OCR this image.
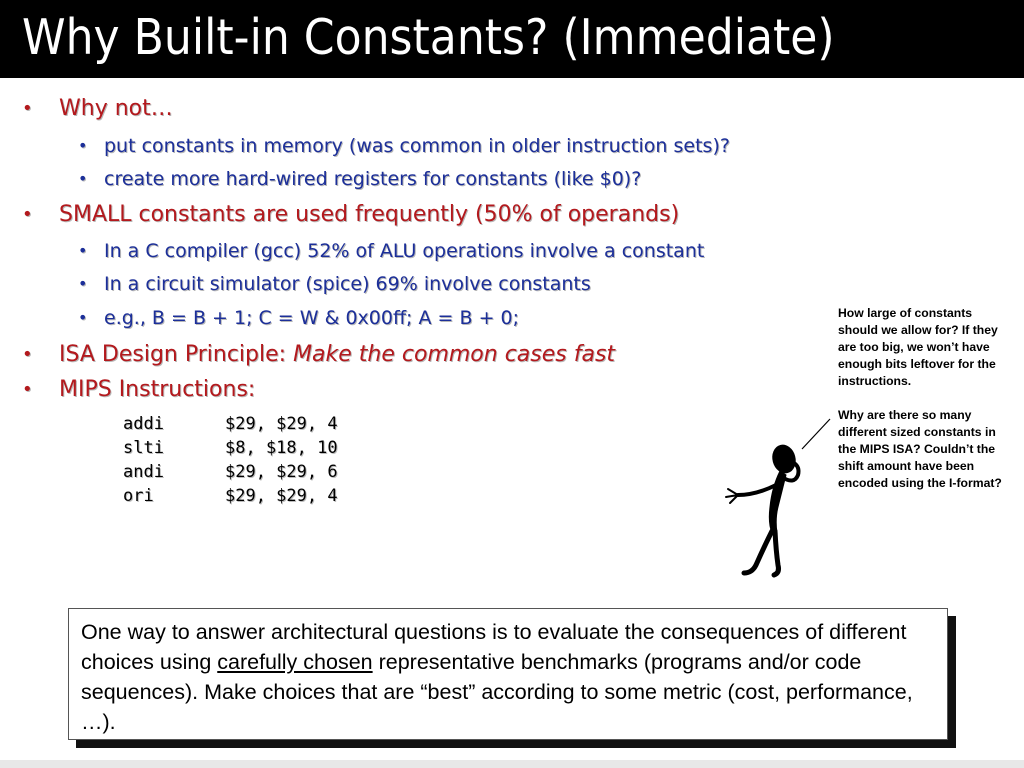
Why Built-in Constants? (Immediate)
• Why not…
• put constants in memory (was common in older instruction sets)?
• create more hard-wired registers for constants (like $0)?
• SMALL constants are used frequently (50% of operands)
• In a C compiler (gcc) 52% of ALU operations involve a constant
• In a circuit simulator (spice) 69% involve constants
• e.g., B = B + 1; C = W & 0x00ff; A = B + 0;
• ISA Design Principle: Make the common cases fast
• MIPS Instructions:
addi	$29, $29, 4
slti	$8, $18, 10
andi	$29, $29, 6
ori	$29, $29, 4

How large of constants should we allow for? If they are too big, we won’t have enough bits leftover for the instructions.

Why are there so many different sized constants in the MIPS ISA? Couldn’t the shift amount have been encoded using the I-format?

One way to answer architectural questions is to evaluate the consequences of different choices using carefully chosen representative benchmarks (programs and/or code sequences). Make choices that are “best” according to some metric (cost, performance, …).
